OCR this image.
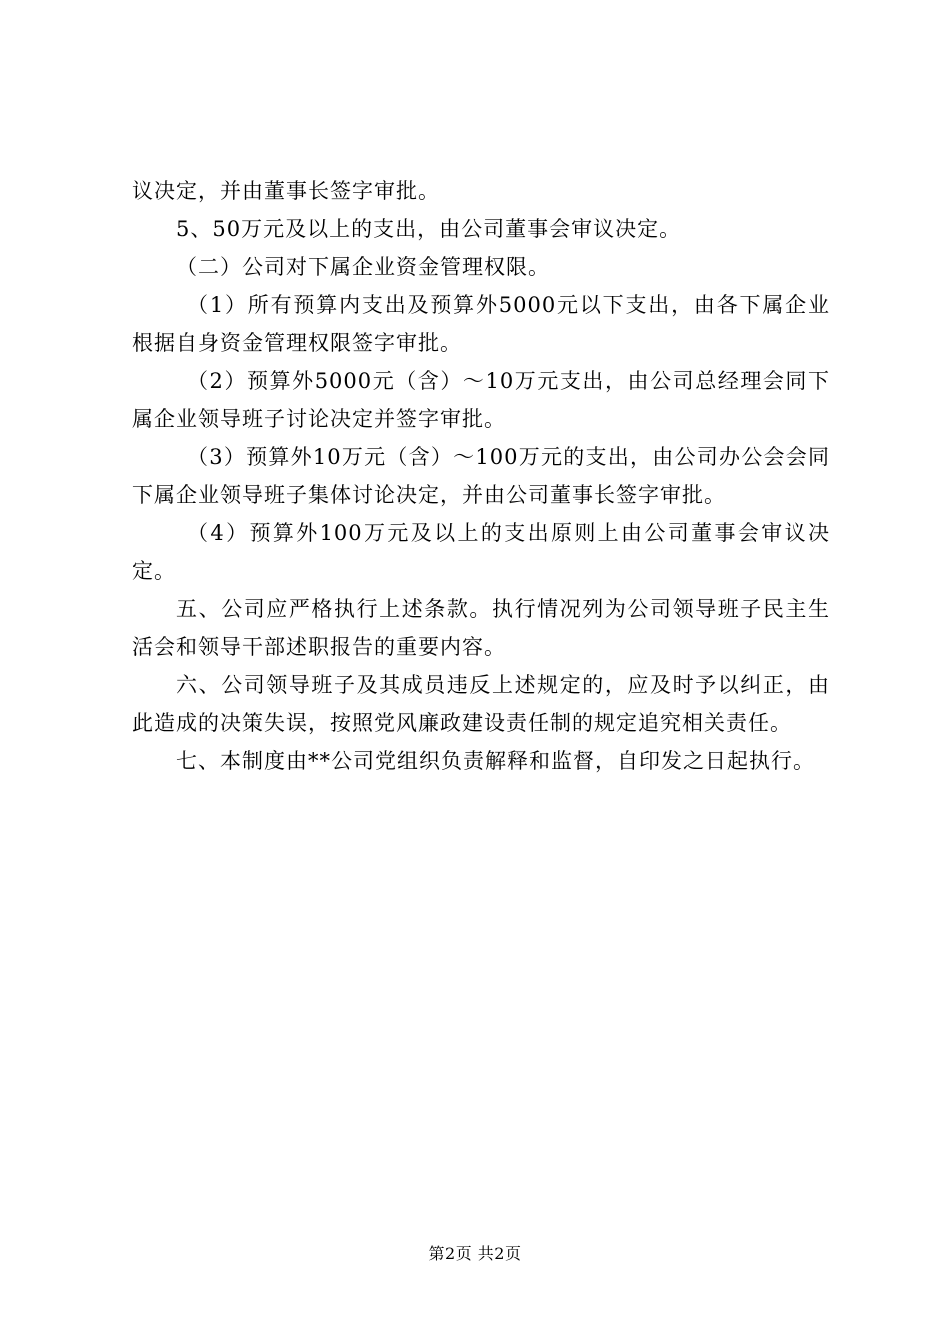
议决定，并由董事长签字审批。

5、50万元及以上的支出，由公司董事会审议决定。

（二）公司对下属企业资金管理权限。

（1）所有预算内支出及预算外5000元以下支出，由各下属企业根据自身资金管理权限签字审批。

（2）预算外5000元（含）～10万元支出，由公司总经理会同下属企业领导班子讨论决定并签字审批。

（3）预算外10万元（含）～100万元的支出，由公司办公会会同下属企业领导班子集体讨论决定，并由公司董事长签字审批。

（4）预算外100万元及以上的支出原则上由公司董事会审议决定。

五、公司应严格执行上述条款。执行情况列为公司领导班子民主生活会和领导干部述职报告的重要内容。

六、公司领导班子及其成员违反上述规定的，应及时予以纠正，由此造成的决策失误，按照党风廉政建设责任制的规定追究相关责任。

七、本制度由**公司党组织负责解释和监督，自印发之日起执行。

第2页 共2页
